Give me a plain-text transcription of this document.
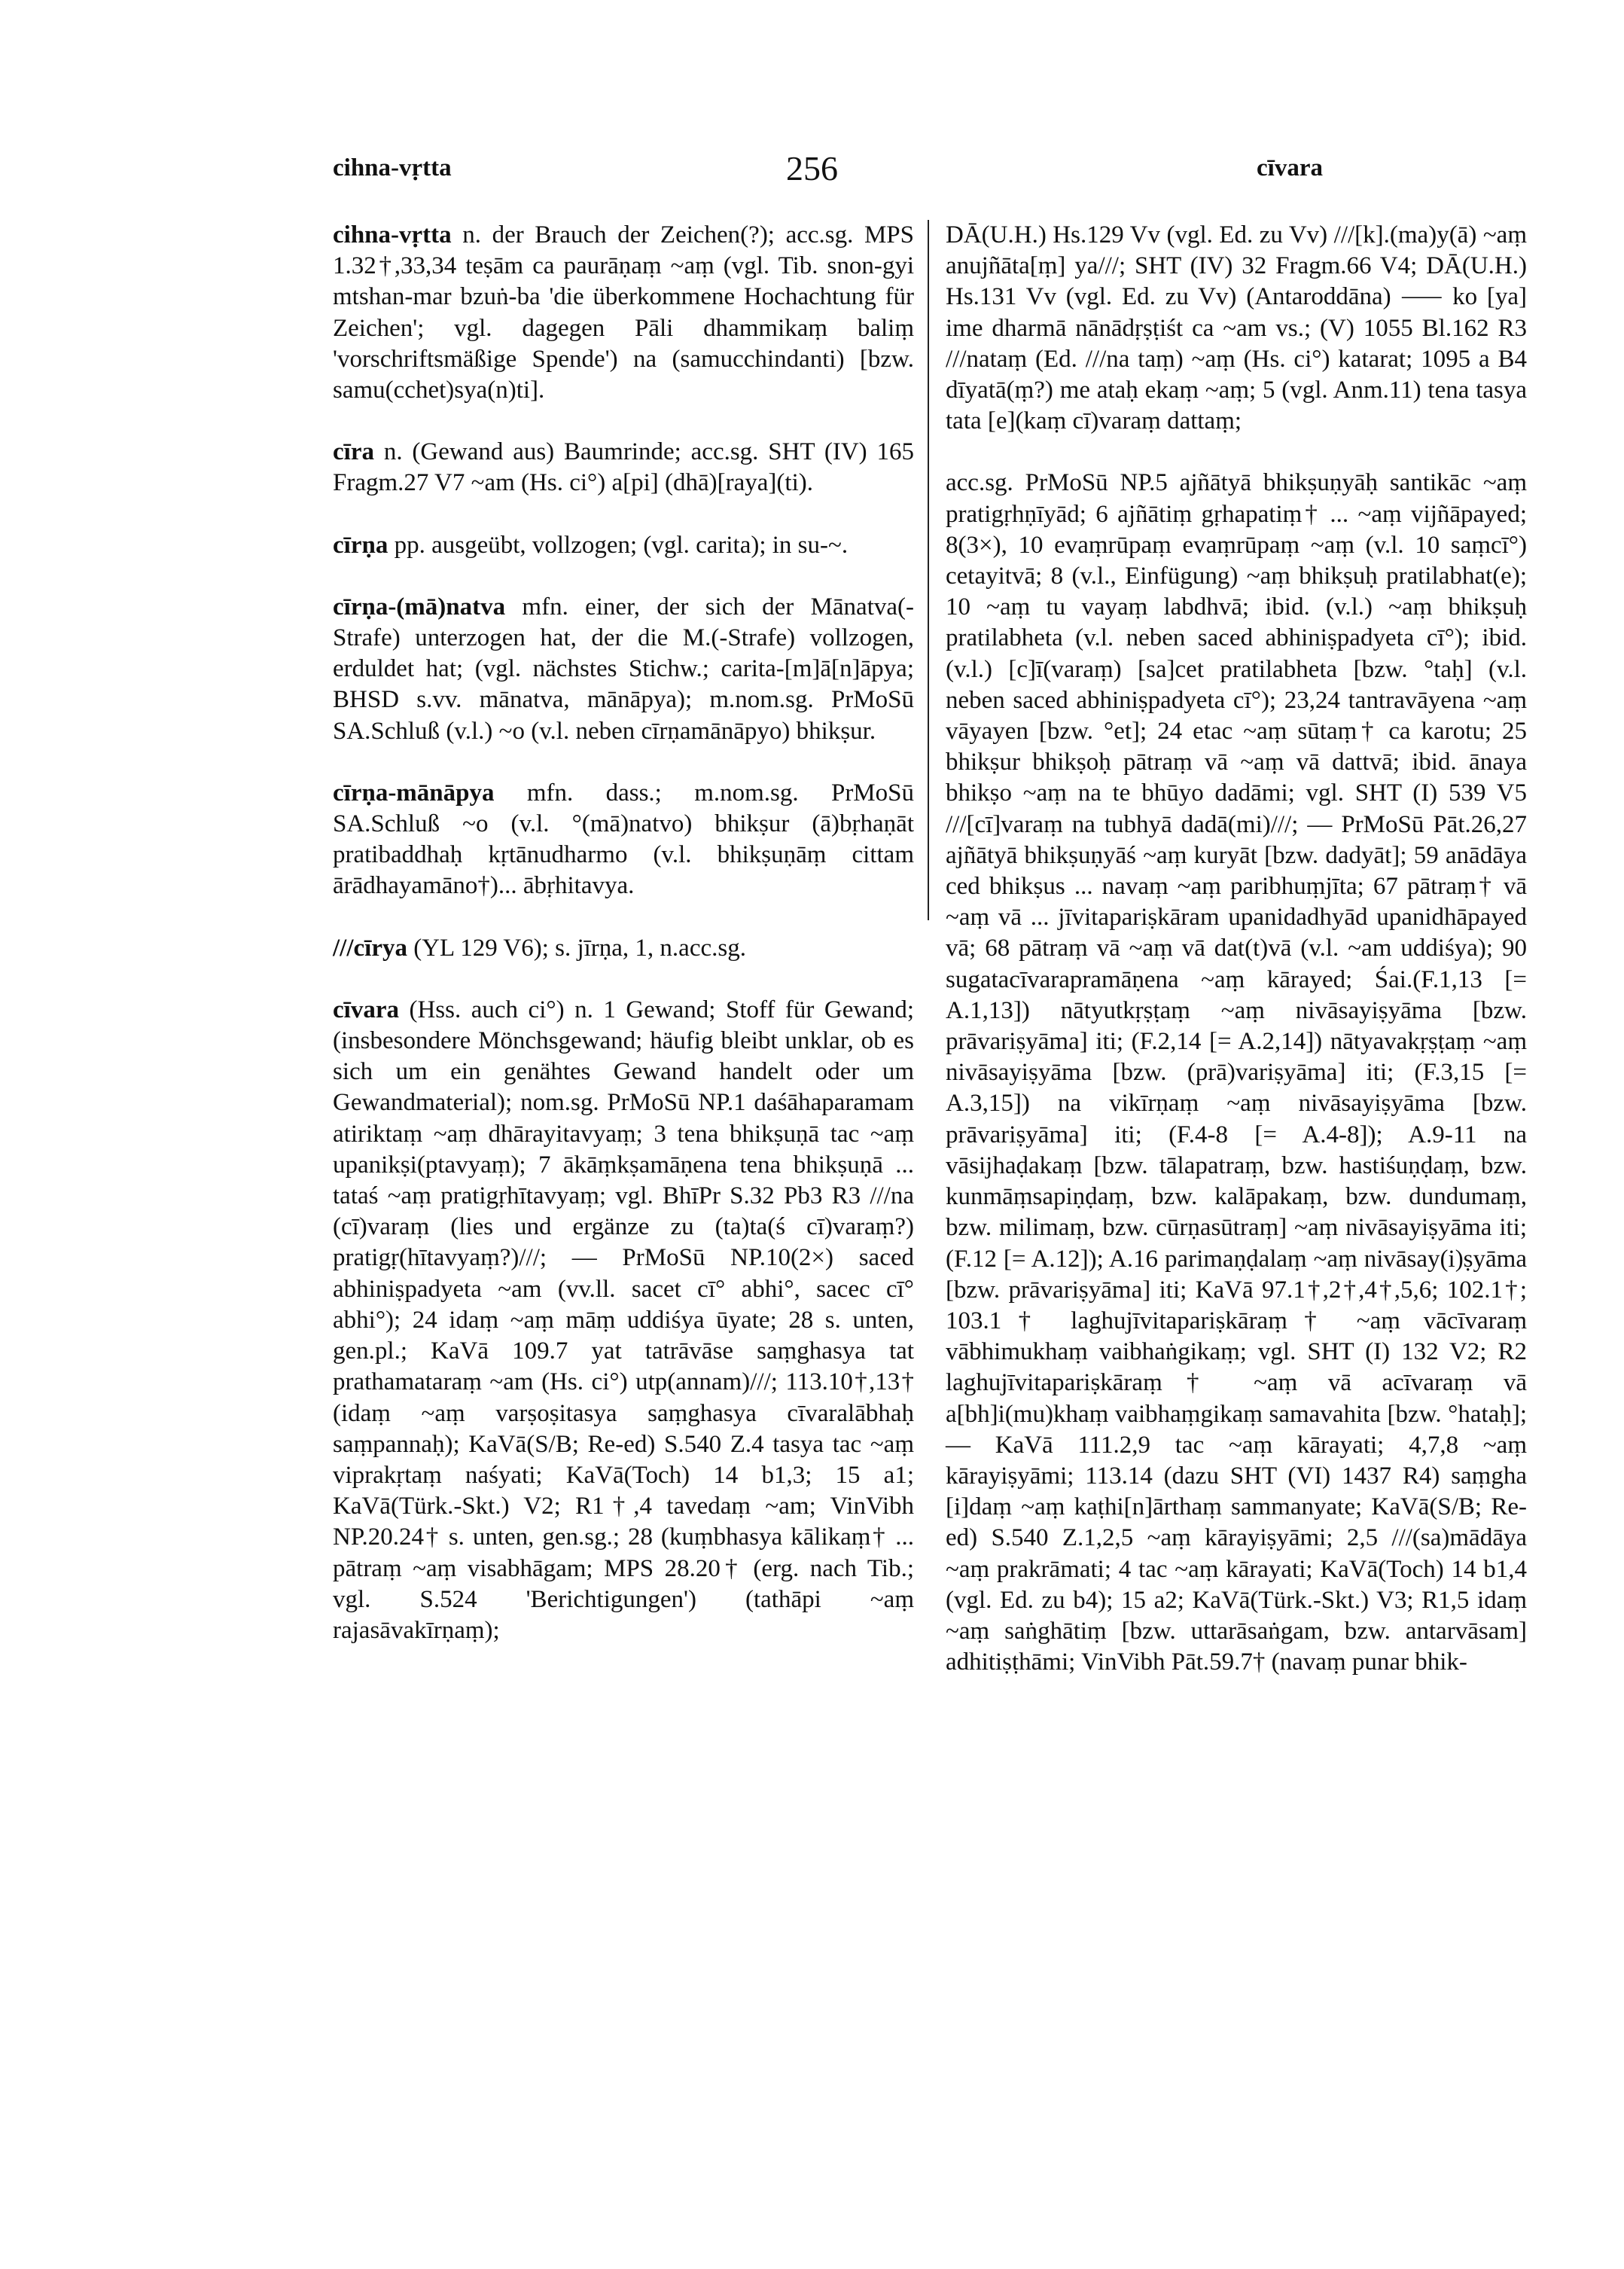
cihna-vṛtta	256	cīvara

cihna-vṛtta n. der Brauch der Zeichen(?); acc.sg. MPS 1.32†,33,34 teṣām ca paurāṇaṃ ~aṃ (vgl. Tib. snon-gyi mtshan-mar bzuṅ-ba 'die überkommene Hochachtung für Zeichen'; vgl. dagegen Pāli dhammikaṃ baliṃ 'vorschriftsmäßige Spende') na (samucchindanti) [bzw. samu(cchet)sya(n)ti].

cīra n. (Gewand aus) Baumrinde; acc.sg. SHT (IV) 165 Fragm.27 V7 ~am (Hs. ci°) a[pi] (dhā)[raya](ti).

cīrṇa pp. ausgeübt, vollzogen; (vgl. carita); in su-~.

cīrṇa-(mā)natva mfn. einer, der sich der Mānatva(-Strafe) unterzogen hat, der die M.(-Strafe) vollzogen, erduldet hat; (vgl. nächstes Stichw.; carita-[m]ā[n]āpya; BHSD s.vv. mānatva, mānāpya); m.nom.sg. PrMoSū SA.Schluß (v.l.) ~o (v.l. neben cīrṇamānāpyo) bhikṣur.

cīrṇa-mānāpya mfn. dass.; m.nom.sg. PrMoSū SA.Schluß ~o (v.l. °(mā)natvo) bhikṣur (ā)bṛhaṇāt pratibaddhaḥ kṛtānudharmo (v.l. bhikṣuṇāṃ cittam ārādhayamāno†)... ābṛhitavya.

///cīrya (YL 129 V6); s. jīrṇa, 1, n.acc.sg.

cīvara (Hss. auch ci°) n. 1 Gewand; Stoff für Gewand; (insbesondere Mönchsgewand; häufig bleibt unklar, ob es sich um ein genähtes Gewand handelt oder um Gewandmaterial); nom.sg. PrMoSū NP.1 daśāhaparamam atiriktaṃ ~aṃ dhārayitavyaṃ; 3 tena bhikṣuṇā tac ~aṃ upanikṣi(ptavyaṃ); 7 ākāṃkṣamāṇena tena bhikṣuṇā ... tataś ~aṃ pratigṛhītavyaṃ; vgl. BhīPr S.32 Pb3 R3 ///na (cī)varaṃ (lies und ergänze zu (ta)ta(ś cī)varaṃ?) pratigṛ(hītavyaṃ?)///; — PrMoSū NP.10(2×) saced abhiniṣpadyeta ~am (vv.ll. sacet cī° abhi°, sacec cī° abhi°); 24 idaṃ ~aṃ māṃ uddiśya ūyate; 28 s. unten, gen.pl.; KaVā 109.7 yat tatrāvāse saṃghasya tat prathamataraṃ ~am (Hs. ci°) utp(annam)///; 113.10†,13† (idaṃ ~aṃ varṣoṣitasya saṃghasya cīvaralābhaḥ saṃpannaḥ); KaVā(S/B; Re-ed) S.540 Z.4 tasya tac ~aṃ viprakṛtaṃ naśyati; KaVā(Toch) 14 b1,3; 15 a1; KaVā(Türk.-Skt.) V2; R1†,4 tavedaṃ ~am; VinVibh NP.20.24† s. unten, gen.sg.; 28 (kuṃbhasya kālikaṃ† ... pātraṃ ~aṃ visabhāgam; MPS 28.20† (erg. nach Tib.; vgl. S.524 'Berichtigungen') (tathāpi ~aṃ rajasāvakīrṇaṃ);

DĀ(U.H.) Hs.129 Vv (vgl. Ed. zu Vv) ///[k].(ma)y(ā) ~aṃ anujñāta[ṃ] ya///; SHT (IV) 32 Fragm.66 V4; DĀ(U.H.) Hs.131 Vv (vgl. Ed. zu Vv) (Antaroddāna) ⸺ ko [ya] ime dharmā nānādṛṣṭiśt ca ~am vs.; (V) 1055 Bl.162 R3 ///nataṃ (Ed. ///na taṃ) ~aṃ (Hs. ci°) katarat; 1095 a B4 dīyatā(ṃ?) me ataḥ ekaṃ ~aṃ; 5 (vgl. Anm.11) tena tasya tata [e](kaṃ cī)varaṃ dattaṃ;

acc.sg. PrMoSū NP.5 ajñātyā bhikṣuṇyāḥ santikāc ~aṃ pratigṛhṇīyād; 6 ajñātiṃ gṛhapatiṃ† ... ~aṃ vijñāpayed; 8(3×), 10 evaṃrūpaṃ evaṃrūpaṃ ~aṃ (v.l. 10 saṃcī°) cetayitvā; 8 (v.l., Einfügung) ~aṃ bhikṣuḥ pratilabhat(e); 10 ~aṃ tu vayaṃ labdhvā; ibid. (v.l.) ~aṃ bhikṣuḥ pratilabheta (v.l. neben saced abhiniṣpadyeta cī°); ibid. (v.l.) [c]ī(varaṃ) [sa]cet pratilabheta [bzw. °taḥ] (v.l. neben saced abhiniṣpadyeta cī°); 23,24 tantravāyena ~aṃ vāyayen [bzw. °et]; 24 etac ~aṃ sūtaṃ† ca karotu; 25 bhikṣur bhikṣoḥ pātraṃ vā ~aṃ vā dattvā; ibid. ānaya bhikṣo ~aṃ na te bhūyo dadāmi; vgl. SHT (I) 539 V5 ///[cī]varaṃ na tubhyā dadā(mi)///; — PrMoSū Pāt.26,27 ajñātyā bhikṣuṇyāś ~aṃ kuryāt [bzw. dadyāt]; 59 anādāya ced bhikṣus ... navaṃ ~aṃ paribhuṃjīta; 67 pātraṃ† vā ~aṃ vā ... jīvitapariṣkāram upanidadhyād upanidhāpayed vā; 68 pātraṃ vā ~aṃ vā dat(t)vā (v.l. ~am uddiśya); 90 sugatacīvarapramāṇena ~aṃ kārayed; Śai.(F.1,13 [= A.1,13]) nātyutkṛṣṭaṃ ~aṃ nivāsayiṣyāma [bzw. prāvariṣyāma] iti; (F.2,14 [= A.2,14]) nātyavakṛṣṭaṃ ~aṃ nivāsayiṣyāma [bzw. (prā)variṣyāma] iti; (F.3,15 [= A.3,15]) na vikīrṇaṃ ~aṃ nivāsayiṣyāma [bzw. prāvariṣyāma] iti; (F.4-8 [= A.4-8]); A.9-11 na vāsijhaḍakaṃ [bzw. tālapatraṃ, bzw. hastiśuṇḍaṃ, bzw. kunmāṃsapiṇḍaṃ, bzw. kalāpakaṃ, bzw. dundumaṃ, bzw. milimaṃ, bzw. cūrṇasūtraṃ] ~aṃ nivāsayiṣyāma iti; (F.12 [= A.12]); A.16 parimaṇḍalaṃ ~aṃ nivāsay(i)ṣyāma [bzw. prāvariṣyāma] iti; KaVā 97.1†,2†,4†,5,6; 102.1†; 103.1† laghujīvitapariṣkāraṃ† ~aṃ vācīvaraṃ vābhimukhaṃ vaibhaṅgikaṃ; vgl. SHT (I) 132 V2; R2 laghujīvitapariṣkāraṃ† ~aṃ vā acīvaraṃ vā a[bh]i(mu)khaṃ vaibhaṃgikaṃ samavahita [bzw. °hataḥ]; — KaVā 111.2,9 tac ~aṃ kārayati; 4,7,8 ~aṃ kārayiṣyāmi; 113.14 (dazu SHT (VI) 1437 R4) saṃgha [i]daṃ ~aṃ kaṭhi[n]ārthaṃ sammanyate; KaVā(S/B; Re-ed) S.540 Z.1,2,5 ~aṃ kārayiṣyāmi; 2,5 ///(sa)mādāya ~aṃ prakrāmati; 4 tac ~aṃ kārayati; KaVā(Toch) 14 b1,4 (vgl. Ed. zu b4); 15 a2; KaVā(Türk.-Skt.) V3; R1,5 idaṃ ~aṃ saṅghātiṃ [bzw. uttarāsaṅgam, bzw. antarvāsam] adhitiṣṭhāmi; VinVibh Pāt.59.7† (navaṃ punar bhik-
